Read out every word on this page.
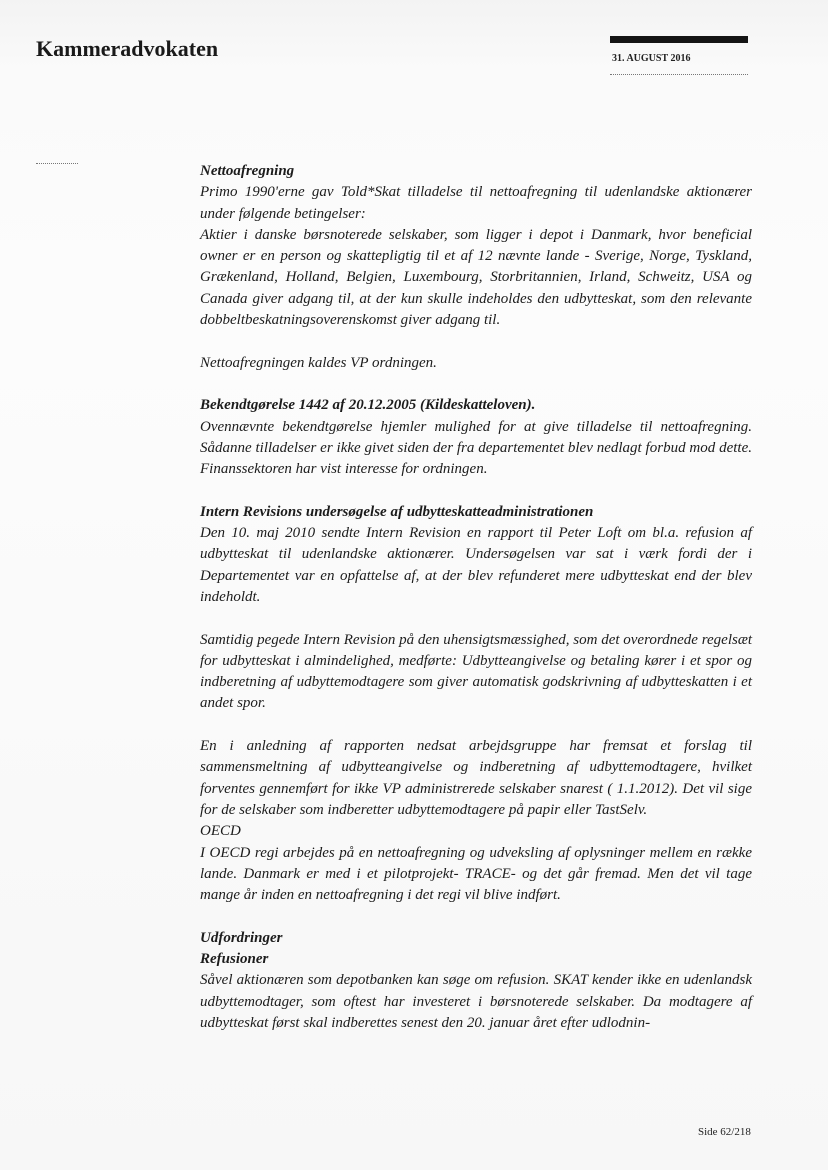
Kammeradvokaten	31. AUGUST 2016

Nettoafregning

Primo 1990'erne gav Told*Skat tilladelse til nettoafregning til udenlandske aktionærer under følgende betingelser:

Aktier i danske børsnoterede selskaber, som ligger i depot i Danmark, hvor beneficial owner er en person og skattepligtig til et af 12 nævnte lande - Sverige, Norge, Tyskland, Grækenland, Holland, Belgien, Luxembourg, Storbritannien, Irland, Schweitz, USA og Canada giver adgang til, at der kun skulle indeholdes den udbytteskat, som den relevante dobbeltbeskatningsoverenskomst giver adgang til.

Nettoafregningen kaldes VP ordningen.

Bekendtgørelse 1442 af 20.12.2005 (Kildeskatteloven).

Ovennævnte bekendtgørelse hjemler mulighed for at give tilladelse til nettoafregning. Sådanne tilladelser er ikke givet siden der fra departementet blev nedlagt forbud mod dette. Finanssektoren har vist interesse for ordningen.

Intern Revisions undersøgelse af udbytteskatteadministrationen

Den 10. maj 2010 sendte Intern Revision en rapport til Peter Loft om bl.a. refusion af udbytteskat til udenlandske aktionærer. Undersøgelsen var sat i værk fordi der i Departementet var en opfattelse af, at der blev refunderet mere udbytteskat end der blev indeholdt.

Samtidig pegede Intern Revision på den uhensigtsmæssighed, som det overordnede regelsæt for udbytteskat i almindelighed, medførte: Udbytteangivelse og betaling kører i et spor og indberetning af udbyttemodtagere som giver automatisk godskrivning af udbytteskatten i et andet spor.

En i anledning af rapporten nedsat arbejdsgruppe har fremsat et forslag til sammensmeltning af udbytteangivelse og indberetning af udbyttemodtagere, hvilket forventes gennemført for ikke VP administrerede selskaber snarest ( 1.1.2012). Det vil sige for de selskaber som indberetter udbyttemodtagere på papir eller TastSelv.

OECD

I OECD regi arbejdes på en nettoafregning og udveksling af oplysninger mellem en række lande. Danmark er med i et pilotprojekt- TRACE- og det går fremad. Men det vil tage mange år inden en nettoafregning i det regi vil blive indført.

Udfordringer

Refusioner

Såvel aktionæren som depotbanken kan søge om refusion. SKAT kender ikke en udenlandsk udbyttemodtager, som oftest har investeret i børsnoterede selskaber. Da modtagere af udbytteskat først skal indberettes senest den 20. januar året efter udlodnin-

Side 62/218
